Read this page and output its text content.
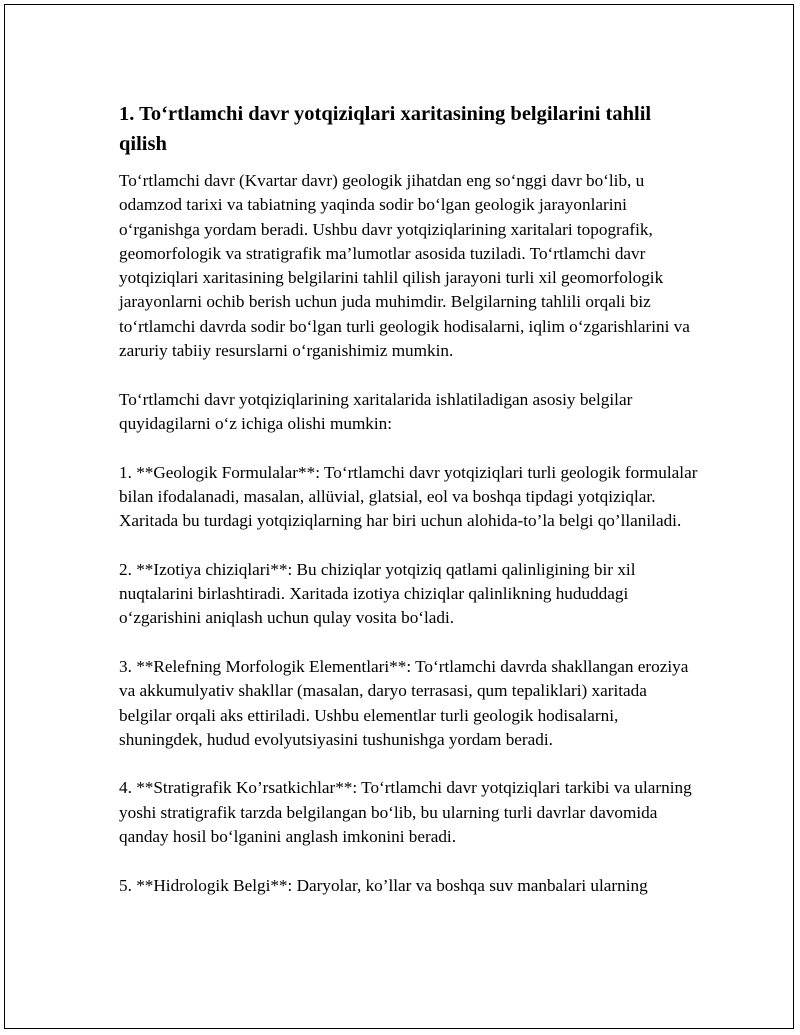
1. To‘rtlamchi davr yotqiziqlari xaritasining belgilarini tahlil qilish

To‘rtlamchi davr (Kvartar davr) geologik jihatdan eng so‘nggi davr bo‘lib, u odamzod tarixi va tabiatning yaqinda sodir bo‘lgan geologik jarayonlarini o‘rganishga yordam beradi. Ushbu davr yotqiziqlarining xaritalari topografik, geomorfologik va stratigrafik ma’lumotlar asosida tuziladi. To‘rtlamchi davr yotqiziqlari xaritasining belgilarini tahlil qilish jarayoni turli xil geomorfologik jarayonlarni ochib berish uchun juda muhimdir. Belgilarning tahlili orqali biz to‘rtlamchi davrda sodir bo‘lgan turli geologik hodisalarni, iqlim o‘zgarishlarini va zaruriy tabiiy resurslarni o‘rganishimiz mumkin.

To‘rtlamchi davr yotqiziqlarining xaritalarida ishlatiladigan asosiy belgilar quyidagilarni o‘z ichiga olishi mumkin:

1. **Geologik Formulalar**: To‘rtlamchi davr yotqiziqlari turli geologik formulalar bilan ifodalanadi, masalan, allüvial, glatsial, eol va boshqa tipdagi yotqiziqlar. Xaritada bu turdagi yotqiziqlarning har biri uchun alohida-to’la belgi qo’llaniladi.

2. **Izotiya chiziqlari**: Bu chiziqlar yotqiziq qatlami qalinligining bir xil nuqtalarini birlashtiradi. Xaritada izotiya chiziqlar qalinlikning hududdagi o‘zgarishini aniqlash uchun qulay vosita bo‘ladi.

3. **Relefning Morfologik Elementlari**: To‘rtlamchi davrda shakllangan eroziya va akkumulyativ shakllar (masalan, daryo terrasasi, qum tepaliklari) xaritada belgilar orqali aks ettiriladi. Ushbu elementlar turli geologik hodisalarni, shuningdek, hudud evolyutsiyasini tushunishga yordam beradi.

4. **Stratigrafik Ko’rsatkichlar**: To‘rtlamchi davr yotqiziqlari tarkibi va ularning yoshi stratigrafik tarzda belgilangan bo‘lib, bu ularning turli davrlar davomida qanday hosil bo‘lganini anglash imkonini beradi.

5. **Hidrologik Belgi**: Daryolar, ko’llar va boshqa suv manbalari ularning
